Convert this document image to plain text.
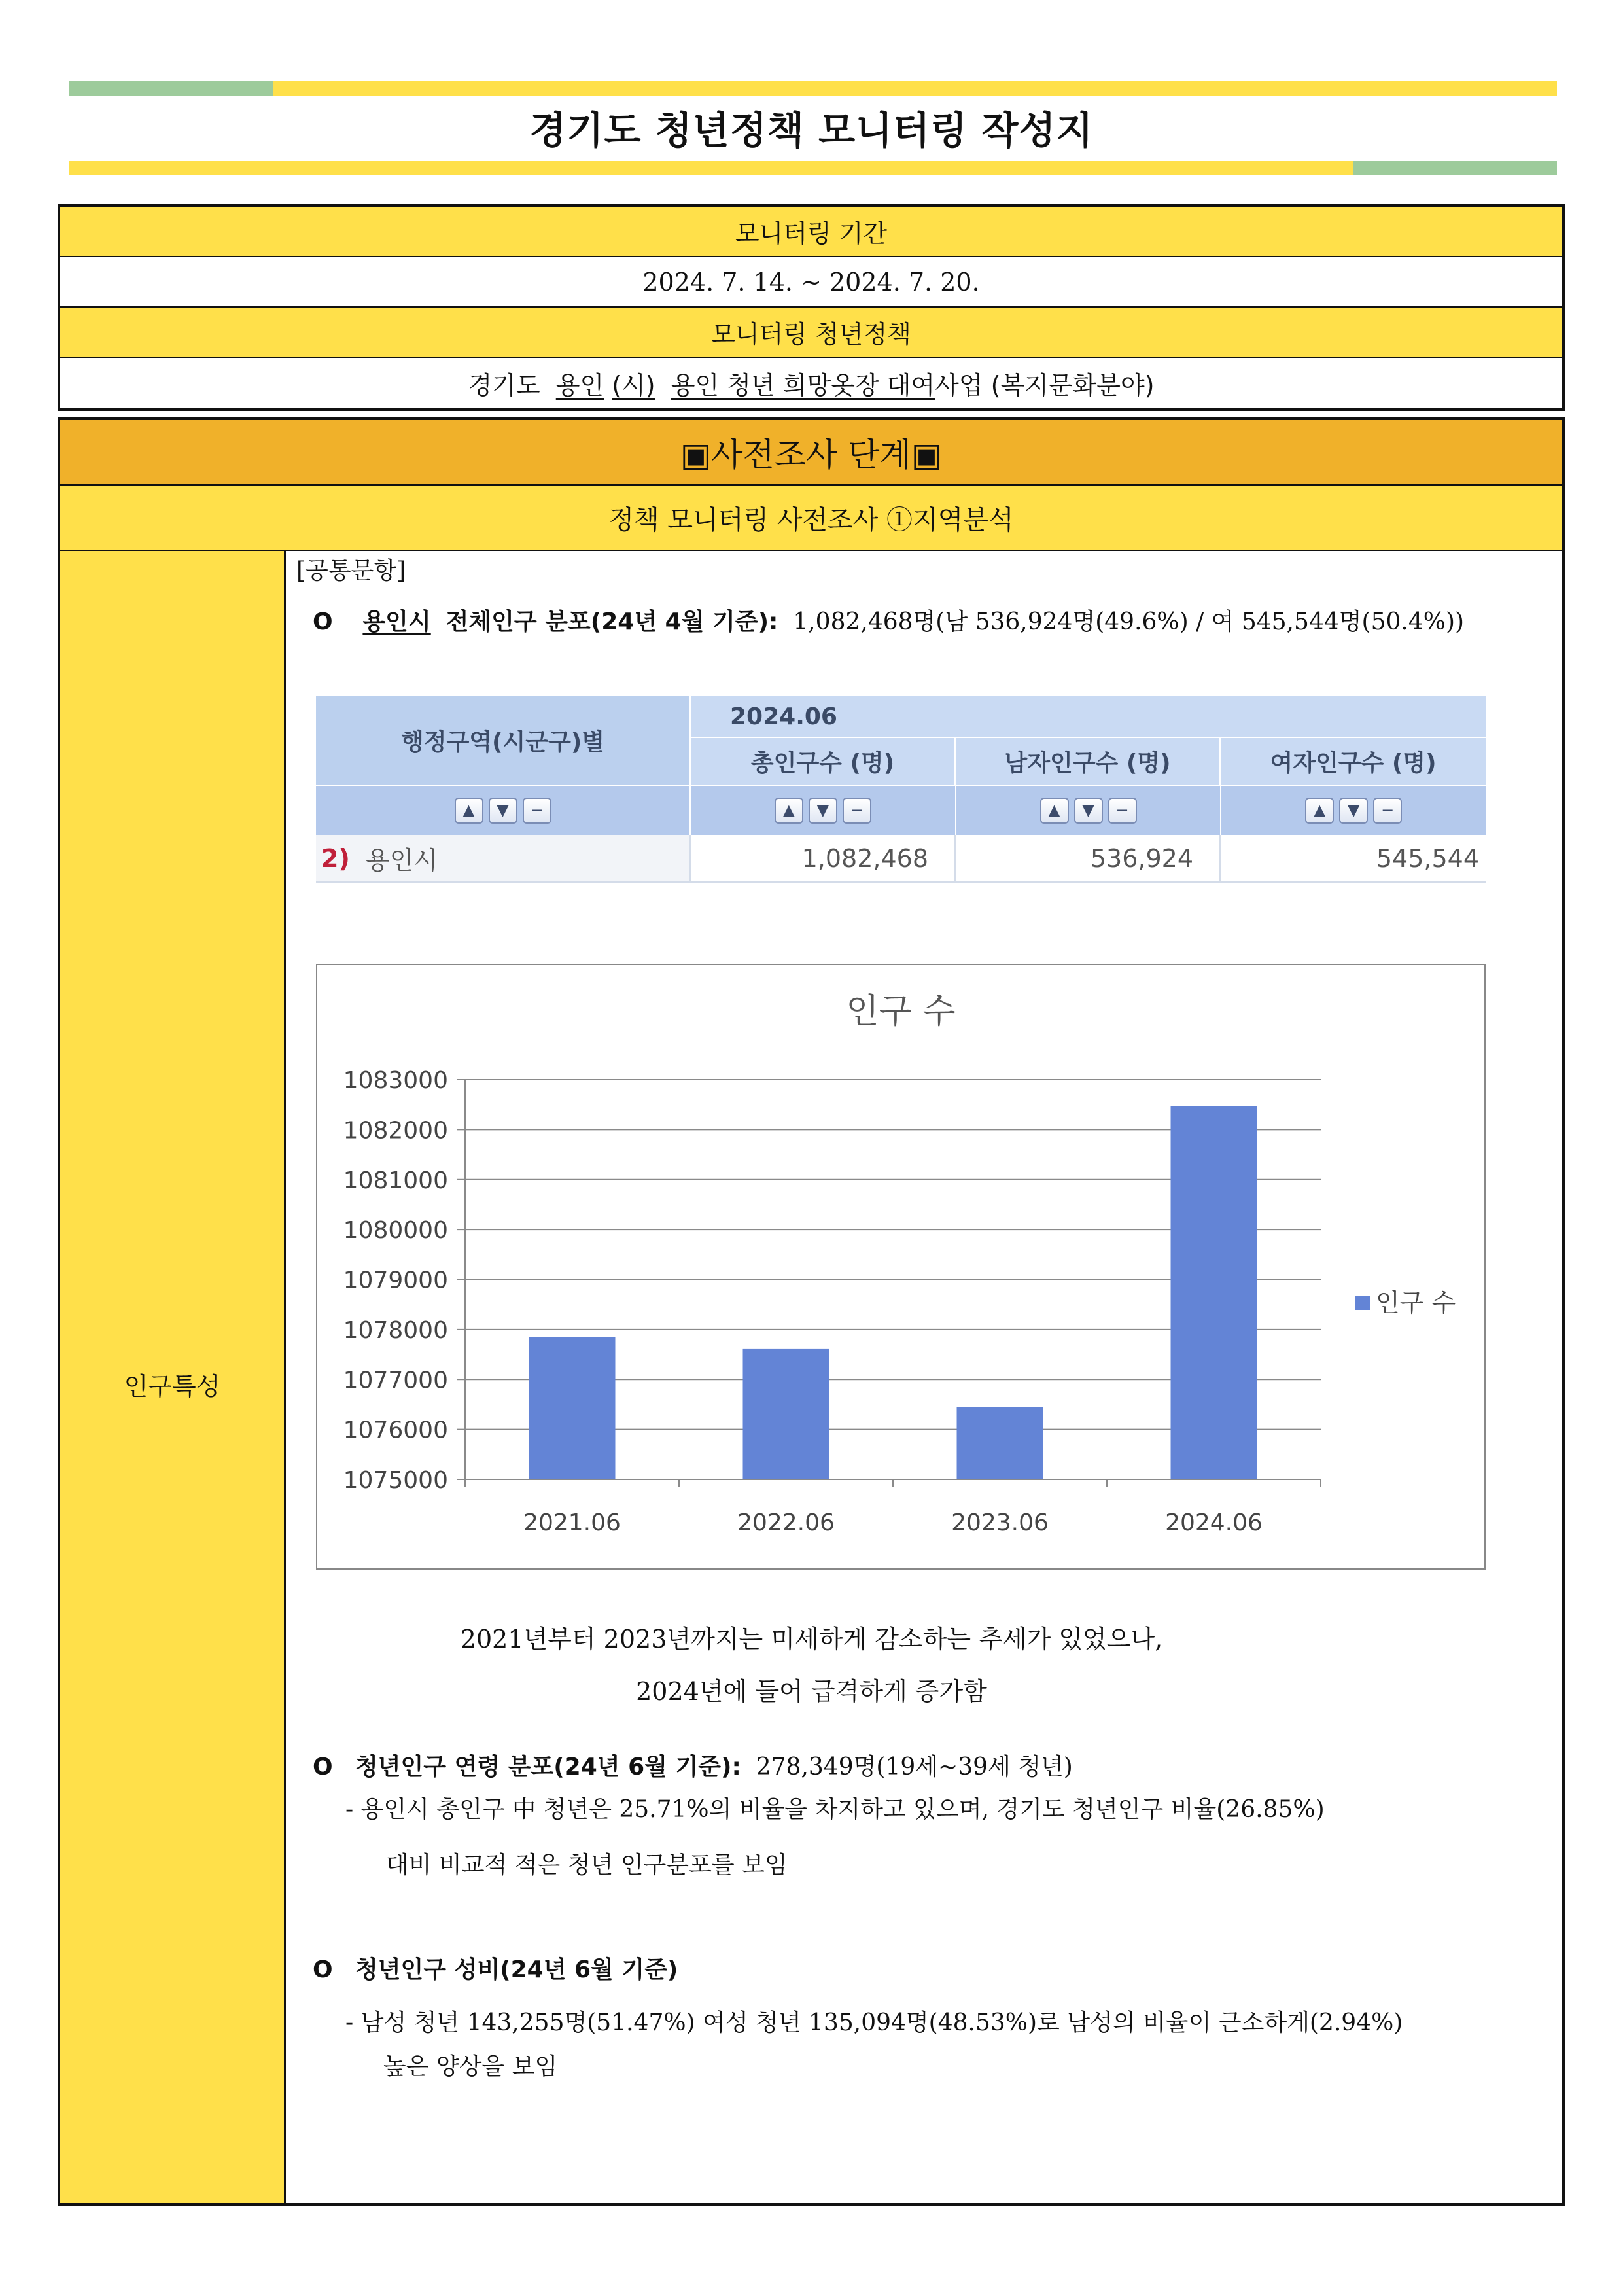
경기도 청년정책 모니터링 작성지
모니터링 기간
2024. 7. 14. ~ 2024. 7. 20.
모니터링 청년정책
경기도
용인
(시)
용인 청년 희망옷장 대여 사업
(복지문화분야)
▣사전조사 단계▣
정책 모니터링 사전조사 ①지역분석
인구특성
[공통문항]
O 용인시 전체인구 분포(24년 4월 기준): 1,082,468명(남 536,924명(49.6%) / 여 545,544명(50.4%))
행정구역(시군구)별
2024.06
총인구수 (명)	남자인구수 (명)	여자인구수 (명)
▲	▼	−	▲	▼	−	▲	▼	−	▲	▼	−
2)
용인시	1,082,468	536,924	545,544
인구 수
1083000
1082000
1081000
1080000
1079000
1078000
1077000
1076000
1075000
2021.06	2022.06	2023.06	2024.06
인구 수
2021년부터 2023년까지는 미세하게 감소하는 추세가 있었으나,
2024년에 들어 급격하게 증가함
O 청년인구 연령 분포(24년 6월 기준): 278,349명(19세~39세 청년)
- 용인시 총인구 中 청년은 25.71%의 비율을 차지하고 있으며, 경기도 청년인구 비율(26.85%)
대비 비교적 적은 청년 인구분포를 보임
O 청년인구 성비(24년 6월 기준)
- 남성 청년 143,255명(51.47%) 여성 청년 135,094명(48.53%)로 남성의 비율이 근소하게(2.94%)
높은 양상을 보임
